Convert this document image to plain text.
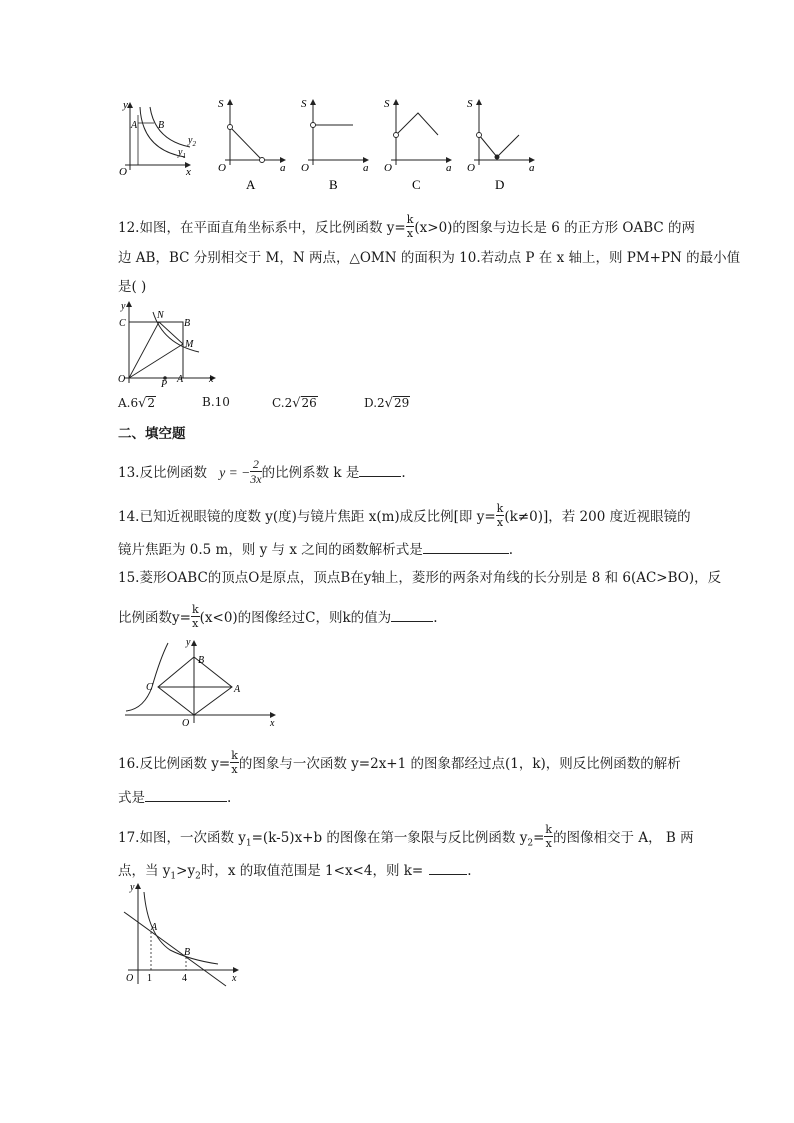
y
x
O
A B
$y_2$
$y_1$
S
a
O
A
S
a
O
B
S
a
O
C
S
a
O
D
12.如图，在平面直角坐标系中，反比例函数 $y= \frac{k}{x} (x>0)$的图象与边长是 6 的正方形 OABC 的两
边 AB，BC 分别相交于 M，N 两点，△OMN 的面积为 10.若动点 P 在 x 轴上，则 PM+PN 的最小值
是( )
y
C
N
B
M
O	P A	x
A.6√2	B.10	C.2√26	D.2√29
二、填空题
13.反比例函数 y = − $\frac{2}{3x}$ 的比例系数 k 是	.
14.已知近视眼镜的度数 y(度)与镜片焦距 x(m)成反比例[即 $y= \frac{k}{x} (k\ne 0)$]，若 200 度近视眼镜的
镜片焦距为 0.5 m，则 y 与 x 之间的函数解析式是	.
15.菱形OABC的顶点O是原点，顶点B在y轴上，菱形的两条对角线的长分别是 8 和 6(AC>BO)，反
比例函数$y= \frac{k}{x} (x<0)$的图像经过C，则k的值为	.
y
B
C	A
O	x
16.反比例函数 $y= \frac{k}{x}$ 的图象与一次函数 y=2x+1 的图象都经过点(1，k)，则反比例函数的解析
式是	.
17.如图，一次函数 $y_1=(k-5)x+b$ 的图像在第一象限与反比例函数 $y_2= \frac{k}{x}$ 的图像相交于 A， B 两
点，当 $y_1>y_2$时，x 的取值范围是 1<x<4，则 k=	.
y
A
B
O 1	4	x
